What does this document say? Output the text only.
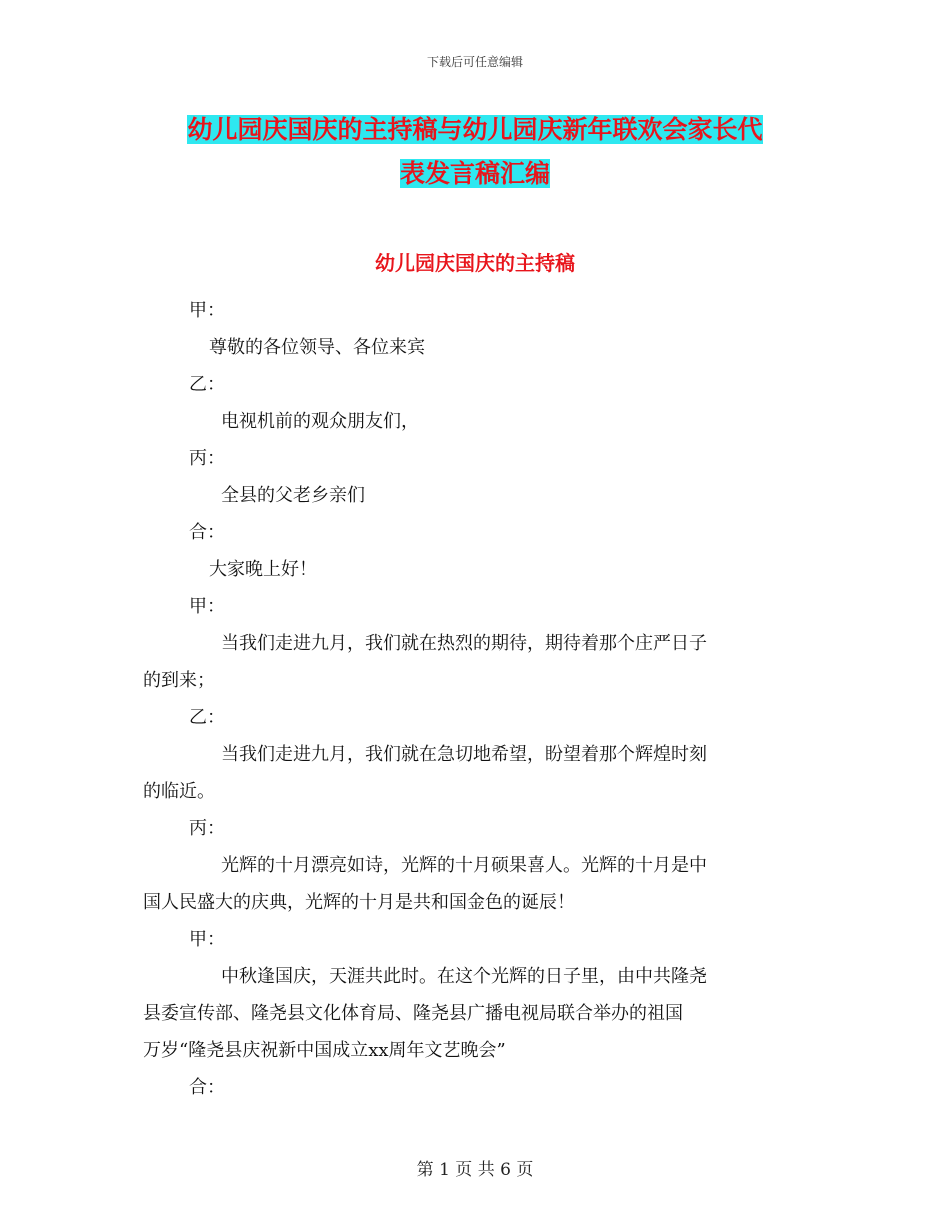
下载后可任意编辑
幼儿园庆国庆的主持稿与幼儿园庆新年联欢会家长代
表发言稿汇编
幼儿园庆国庆的主持稿
甲：
尊敬的各位领导、各位来宾
乙：
电视机前的观众朋友们，
丙：
全县的父老乡亲们
合：
大家晚上好！
甲：
当我们走进九月，我们就在热烈的期待，期待着那个庄严日子
的到来；
乙：
当我们走进九月，我们就在急切地希望，盼望着那个辉煌时刻
的临近。
丙：
光辉的十月漂亮如诗，光辉的十月硕果喜人。光辉的十月是中
国人民盛大的庆典，光辉的十月是共和国金色的诞辰！
甲：
中秋逢国庆，天涯共此时。在这个光辉的日子里，由中共隆尧
县委宣传部、隆尧县文化体育局、隆尧县广播电视局联合举办的祖国
万岁“隆尧县庆祝新中国成立xx周年文艺晚会”
合：
第 1 页 共 6 页
